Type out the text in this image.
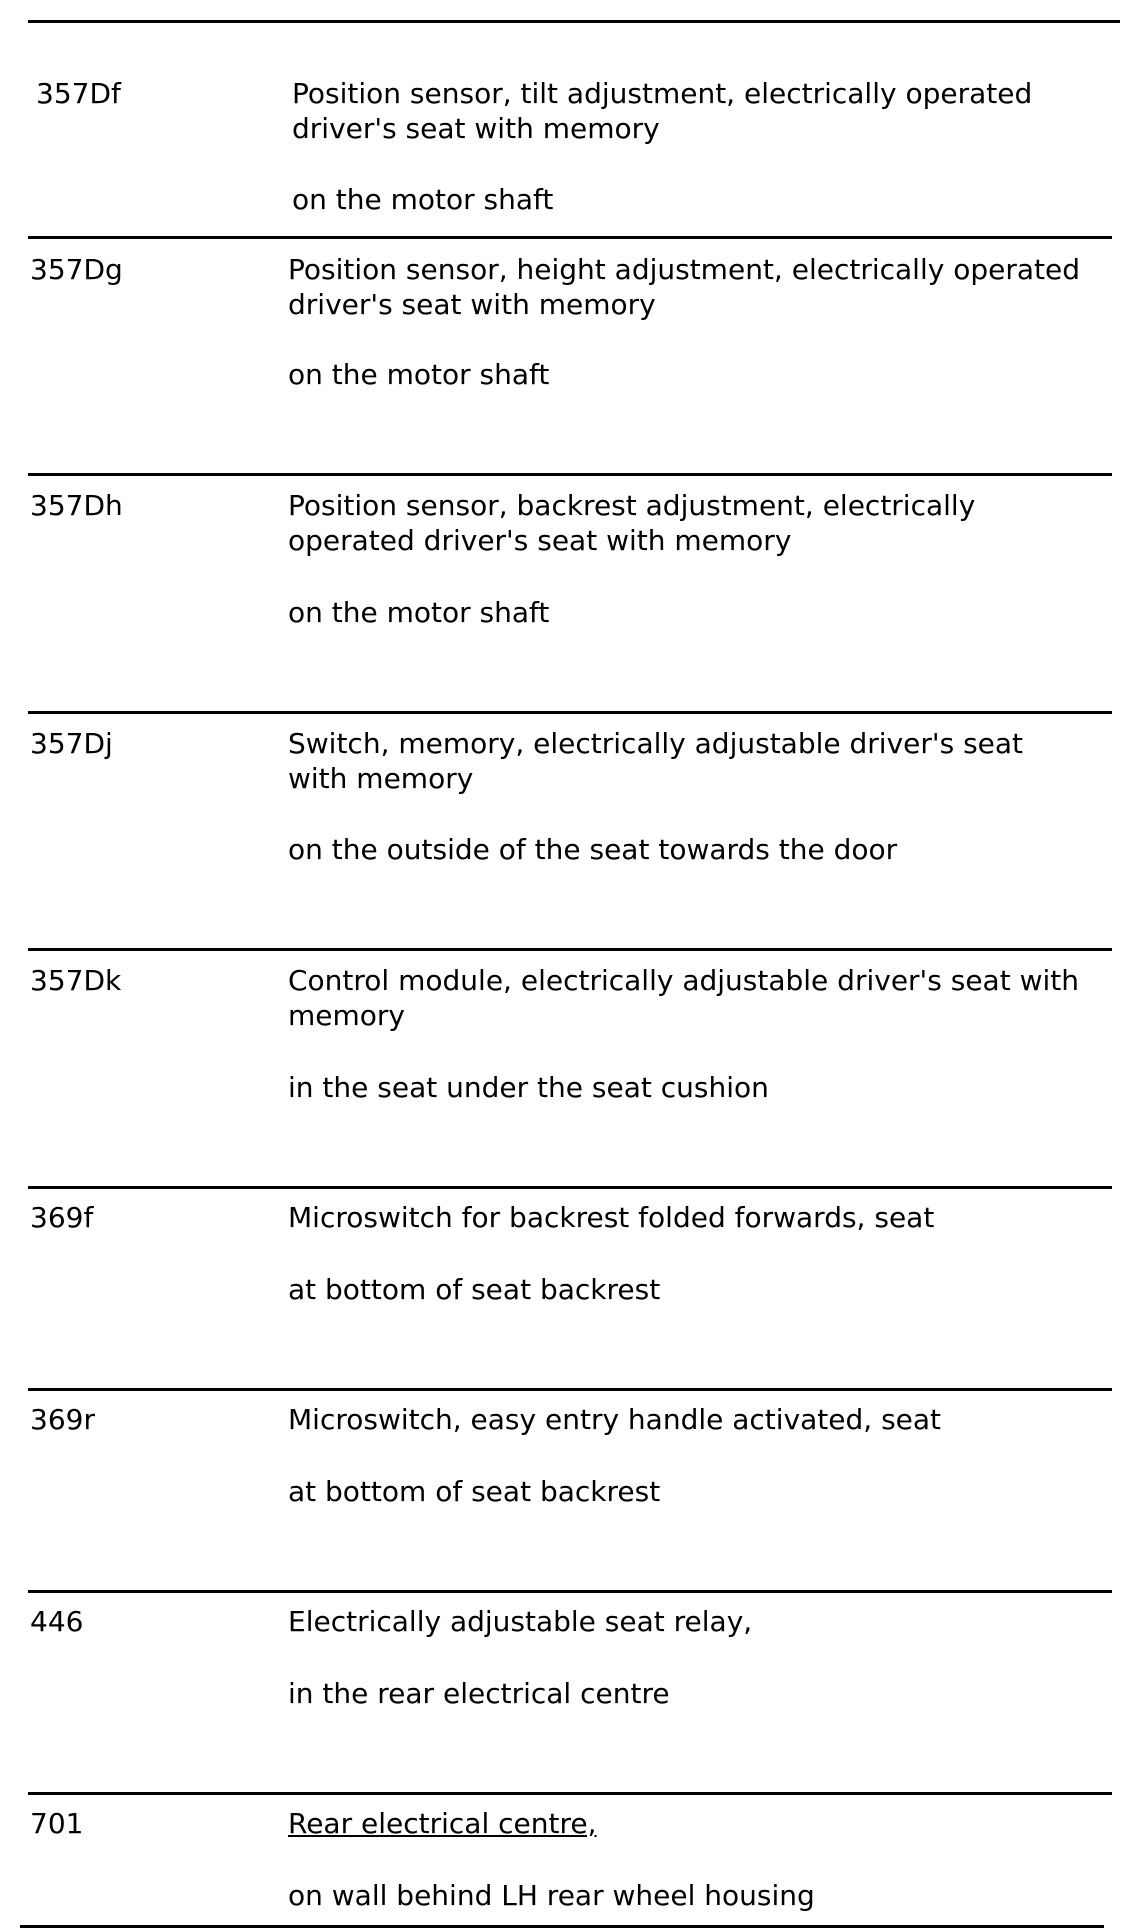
357Df	Position sensor, tilt adjustment, electrically operated
driver's seat with memory
on the motor shaft
357Dg	Position sensor, height adjustment, electrically operated
driver's seat with memory
on the motor shaft
357Dh	Position sensor, backrest adjustment, electrically
operated driver's seat with memory
on the motor shaft
357Dj	Switch, memory, electrically adjustable driver's seat
with memory
on the outside of the seat towards the door
357Dk	Control module, electrically adjustable driver's seat with
memory
in the seat under the seat cushion
369f	Microswitch for backrest folded forwards, seat
at bottom of seat backrest
369r	Microswitch, easy entry handle activated, seat
at bottom of seat backrest
446	Electrically adjustable seat relay,
in the rear electrical centre
701	Rear electrical centre,
on wall behind LH rear wheel housing
